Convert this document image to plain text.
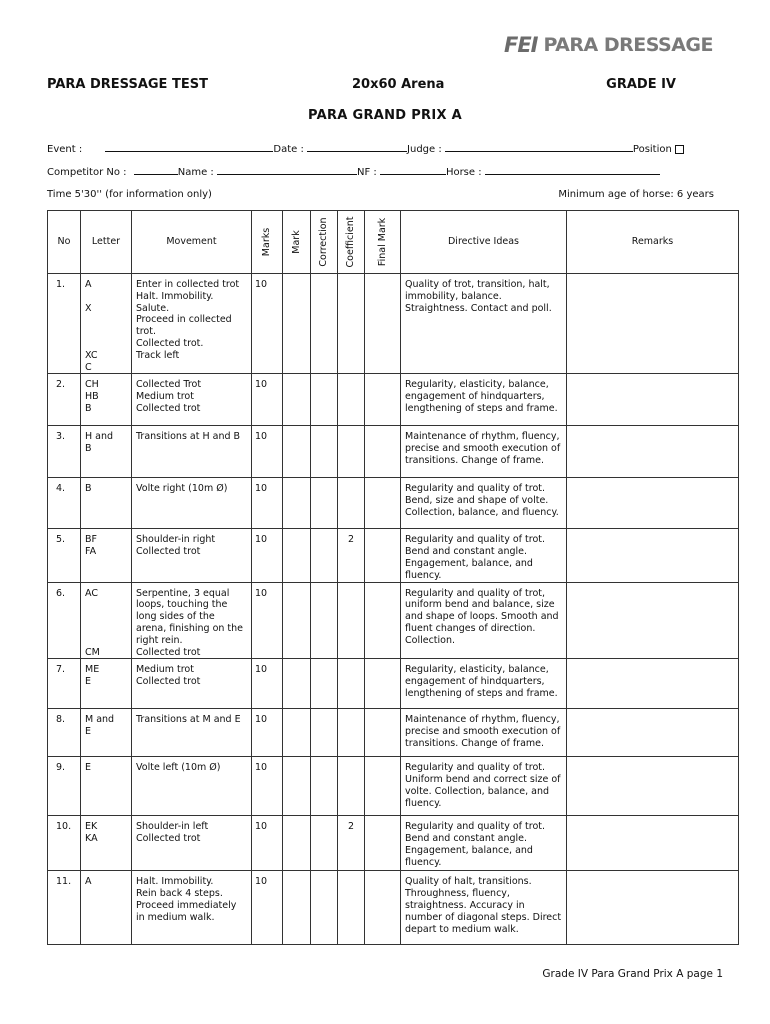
FEI PARA DRESSAGE
PARA DRESSAGE TEST	20x60 Arena	GRADE IV
PARA GRAND PRIX A
Event :	Date :	Judge :	Position
Competitor No :	Name :	NF :	Horse :
Time 5'30'' (for information only)	Minimum age of horse: 6 years
No	Letter	Movement	Marks	Mark	Correction	Coefficient	Final Mark	Directive Ideas	Remarks
1.	A

X

XC
C	Enter in collected trot
Halt. Immobility. Salute.
Proceed in collected trot.
Collected trot.
Track left	10					Quality of trot, transition, halt, immobility, balance. Straightness. Contact and poll.	
2.	CH
HB
B	Collected Trot
Medium trot
Collected trot	10					Regularity, elasticity, balance, engagement of hindquarters, lengthening of steps and frame.	
3.	H and
B	Transitions at H and B	10					Maintenance of rhythm, fluency, precise and smooth execution of transitions. Change of frame.	
4.	B	Volte right (10m Ø)	10					Regularity and quality of trot. Bend, size and shape of volte. Collection, balance, and fluency.	
5.	BF
FA	Shoulder-in right
Collected trot	10			2		Regularity and quality of trot. Bend and constant angle. Engagement, balance, and fluency.	
6.	AC

CM	Serpentine, 3 equal loops, touching the long sides of the arena, finishing on the right rein.
Collected trot	10					Regularity and quality of trot, uniform bend and balance, size and shape of loops. Smooth and fluent changes of direction. Collection.	
7.	ME
E	Medium trot
Collected trot	10					Regularity, elasticity, balance, engagement of hindquarters, lengthening of steps and frame.	
8.	M and
E	Transitions at M and E	10					Maintenance of rhythm, fluency, precise and smooth execution of transitions. Change of frame.	
9.	E	Volte left (10m Ø)	10					Regularity and quality of trot. Uniform bend and correct size of volte. Collection, balance, and fluency.	
10.	EK
KA	Shoulder-in left
Collected trot	10			2		Regularity and quality of trot. Bend and constant angle. Engagement, balance, and fluency.	
11.	A	Halt. Immobility.
Rein back 4 steps.
Proceed immediately in medium walk.	10					Quality of halt, transitions. Throughness, fluency, straightness. Accuracy in number of diagonal steps. Direct depart to medium walk.	
Grade IV Para Grand Prix A page 1
